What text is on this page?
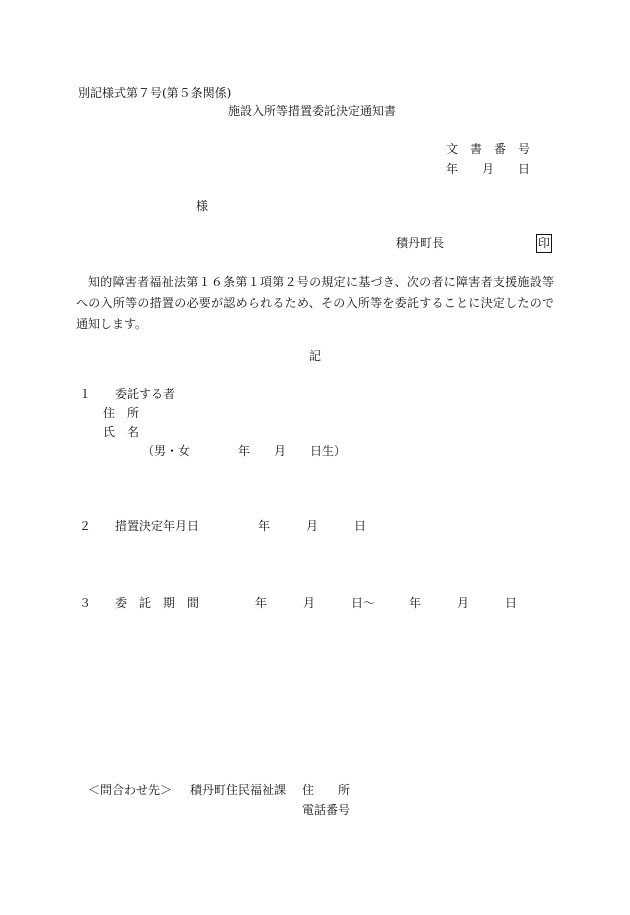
別記様式第７号(第５条関係)
施設入所等措置委託決定通知書
文　書　番　号
年　　月　　日
様
積丹町長	印
知的障害者福祉法第１６条第１項第２号の規定に基づき、次の者に障害者支援施設等への入所等の措置の必要が認められるため、その入所等を委託することに決定したので通知します。
記
１　　委託する者
住　所
氏　名
（男・女　　　　年　　月　　日生）
２　　措置決定年月日	年　　　月　　　日
３　　委　託　期　間	年　　　月　　　日～	年　　　月　　　日
＜問合わせ先＞ 積丹町住民福祉課 住　　所
電話番号
